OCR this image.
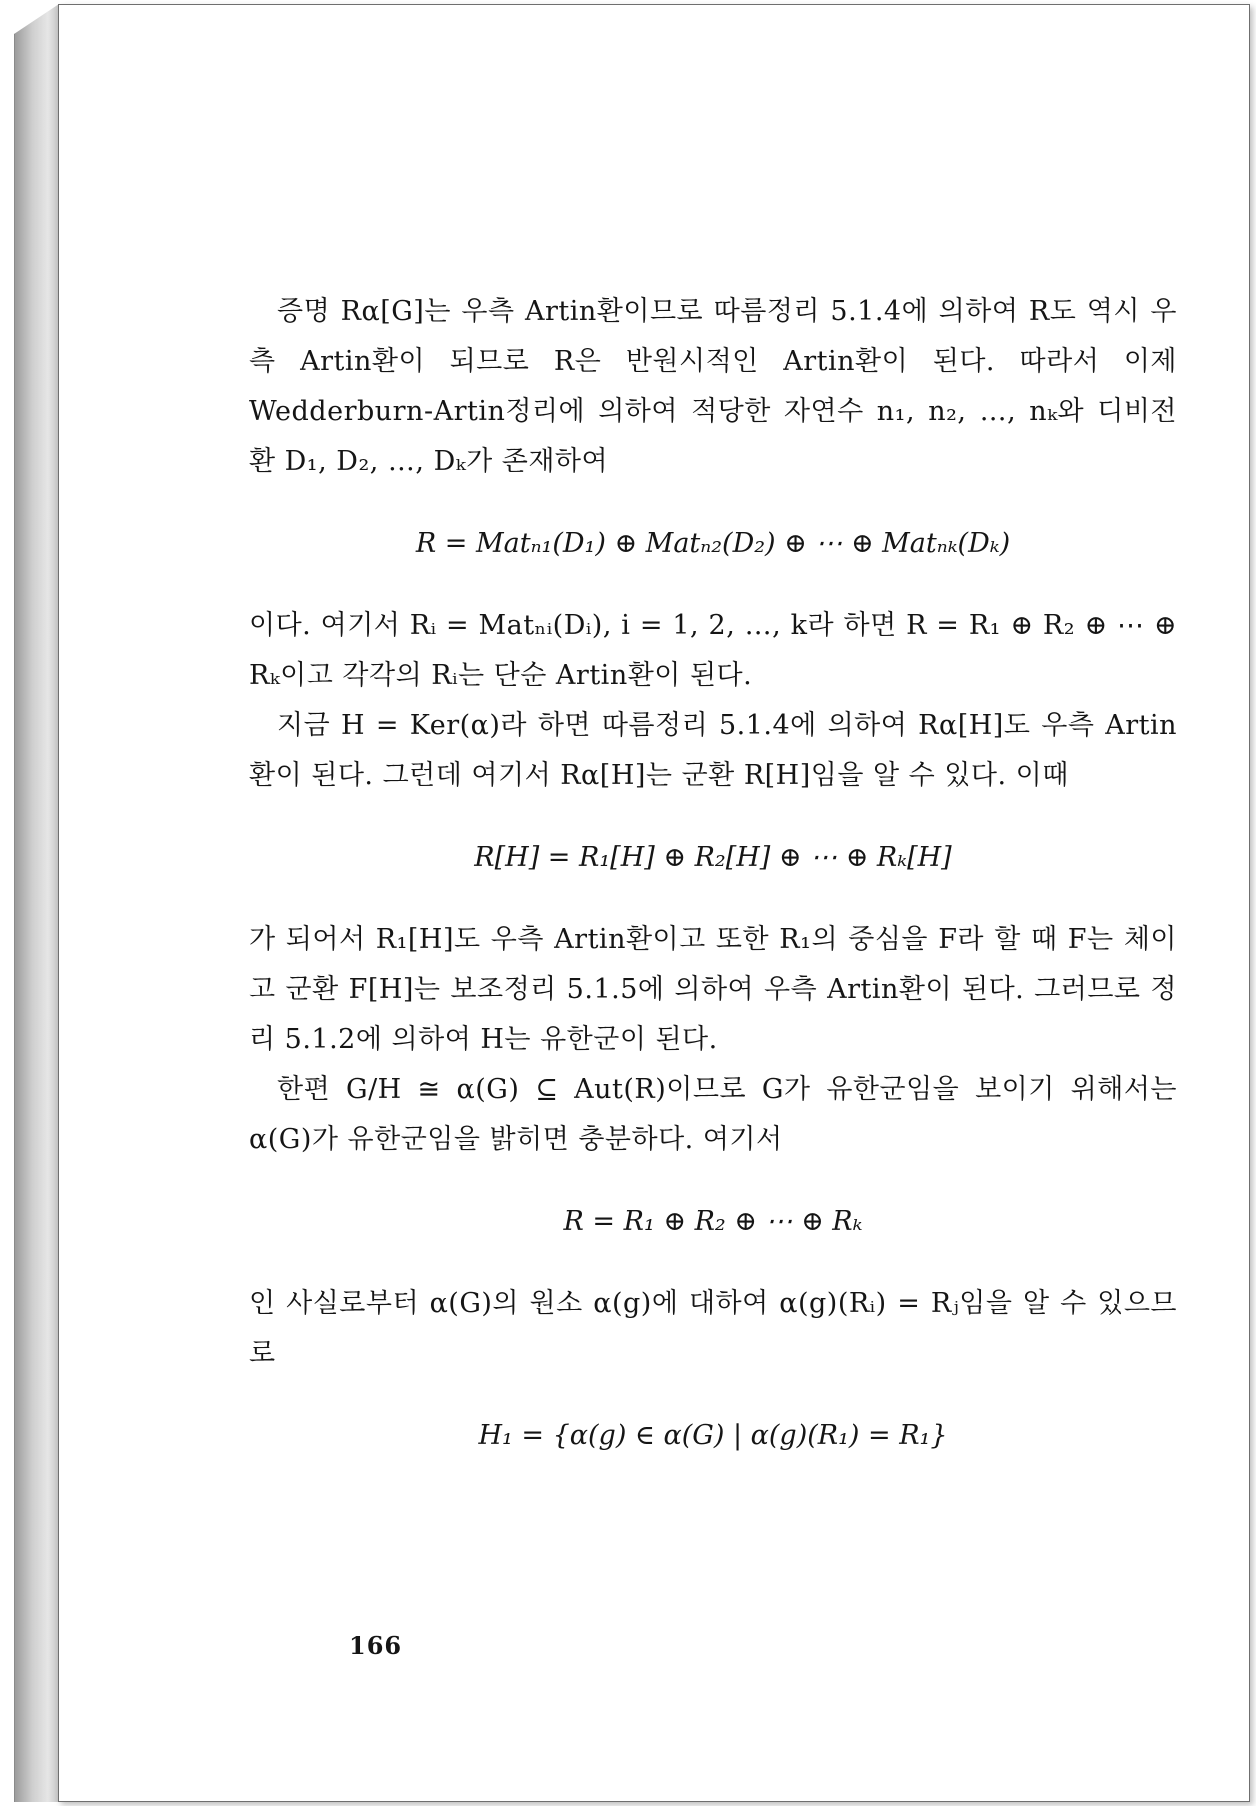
증명 Rα[G]는 우측 Artin환이므로 따름정리 5.1.4에 의하여 R도 역시 우측 Artin환이 되므로 R은 반원시적인 Artin환이 된다. 따라서 이제 Wedderburn-Artin정리에 의하여 적당한 자연수 n₁, n₂, …, nₖ와 디비전 환 D₁, D₂, …, Dₖ가 존재하여

R = Matₙ₁(D₁) ⊕ Matₙ₂(D₂) ⊕ ⋯ ⊕ Matₙₖ(Dₖ)

이다. 여기서 Rᵢ = Matₙᵢ(Dᵢ), i = 1, 2, …, k라 하면 R = R₁ ⊕ R₂ ⊕ ⋯ ⊕ Rₖ이고 각각의 Rᵢ는 단순 Artin환이 된다.

지금 H = Ker(α)라 하면 따름정리 5.1.4에 의하여 Rα[H]도 우측 Artin환이 된다. 그런데 여기서 Rα[H]는 군환 R[H]임을 알 수 있다. 이때

R[H] = R₁[H] ⊕ R₂[H] ⊕ ⋯ ⊕ Rₖ[H]

가 되어서 R₁[H]도 우측 Artin환이고 또한 R₁의 중심을 F라 할 때 F는 체이고 군환 F[H]는 보조정리 5.1.5에 의하여 우측 Artin환이 된다. 그러므로 정리 5.1.2에 의하여 H는 유한군이 된다.

한편 G/H ≅ α(G) ⊆ Aut(R)이므로 G가 유한군임을 보이기 위해서는 α(G)가 유한군임을 밝히면 충분하다. 여기서

R = R₁ ⊕ R₂ ⊕ ⋯ ⊕ Rₖ

인 사실로부터 α(G)의 원소 α(g)에 대하여 α(g)(Rᵢ) = Rⱼ임을 알 수 있으므로

H₁ = {α(g) ∈ α(G) | α(g)(R₁) = R₁}

166
